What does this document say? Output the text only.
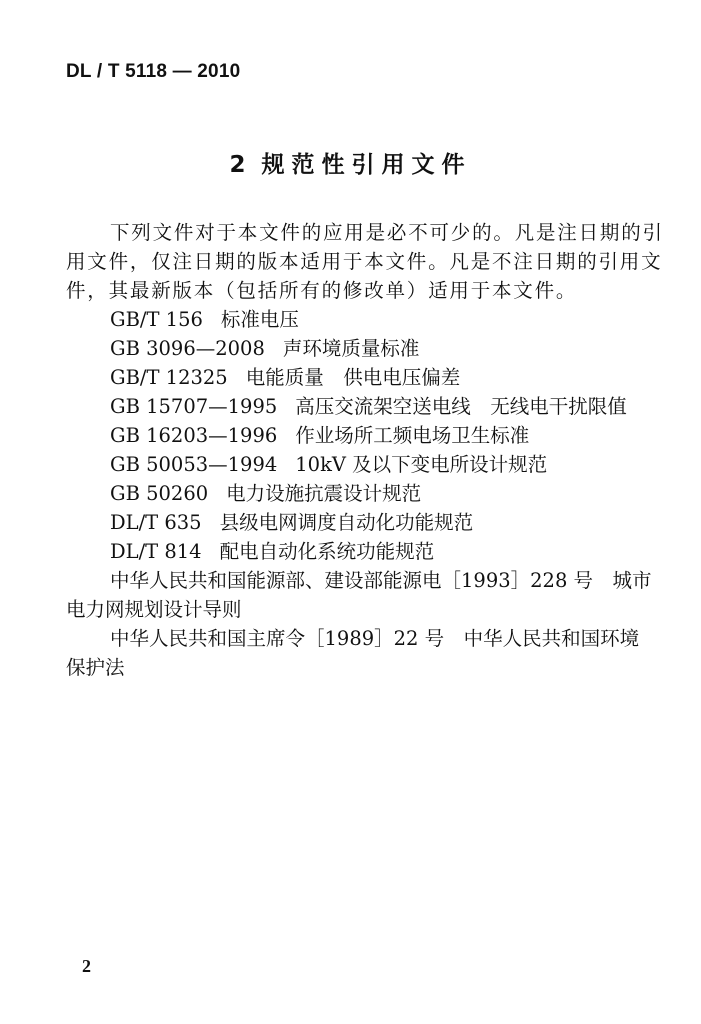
DL / T 5118 — 2010
2 规范性引用文件
下列文件对于本文件的应用是必不可少的。凡是注日期的引
用文件，仅注日期的版本适用于本文件。凡是不注日期的引用文
件，其最新版本（包括所有的修改单）适用于本文件。
GB/T 156 标准电压
GB 3096—2008 声环境质量标准
GB/T 12325 电能质量　供电电压偏差
GB 15707—1995 高压交流架空送电线　无线电干扰限值
GB 16203—1996 作业场所工频电场卫生标准
GB 50053—1994 10kV 及以下变电所设计规范
GB 50260 电力设施抗震设计规范
DL/T 635 县级电网调度自动化功能规范
DL/T 814 配电自动化系统功能规范
中华人民共和国能源部、建设部能源电［1993］228 号　城市
电力网规划设计导则
中华人民共和国主席令［1989］22 号　中华人民共和国环境
保护法
2
